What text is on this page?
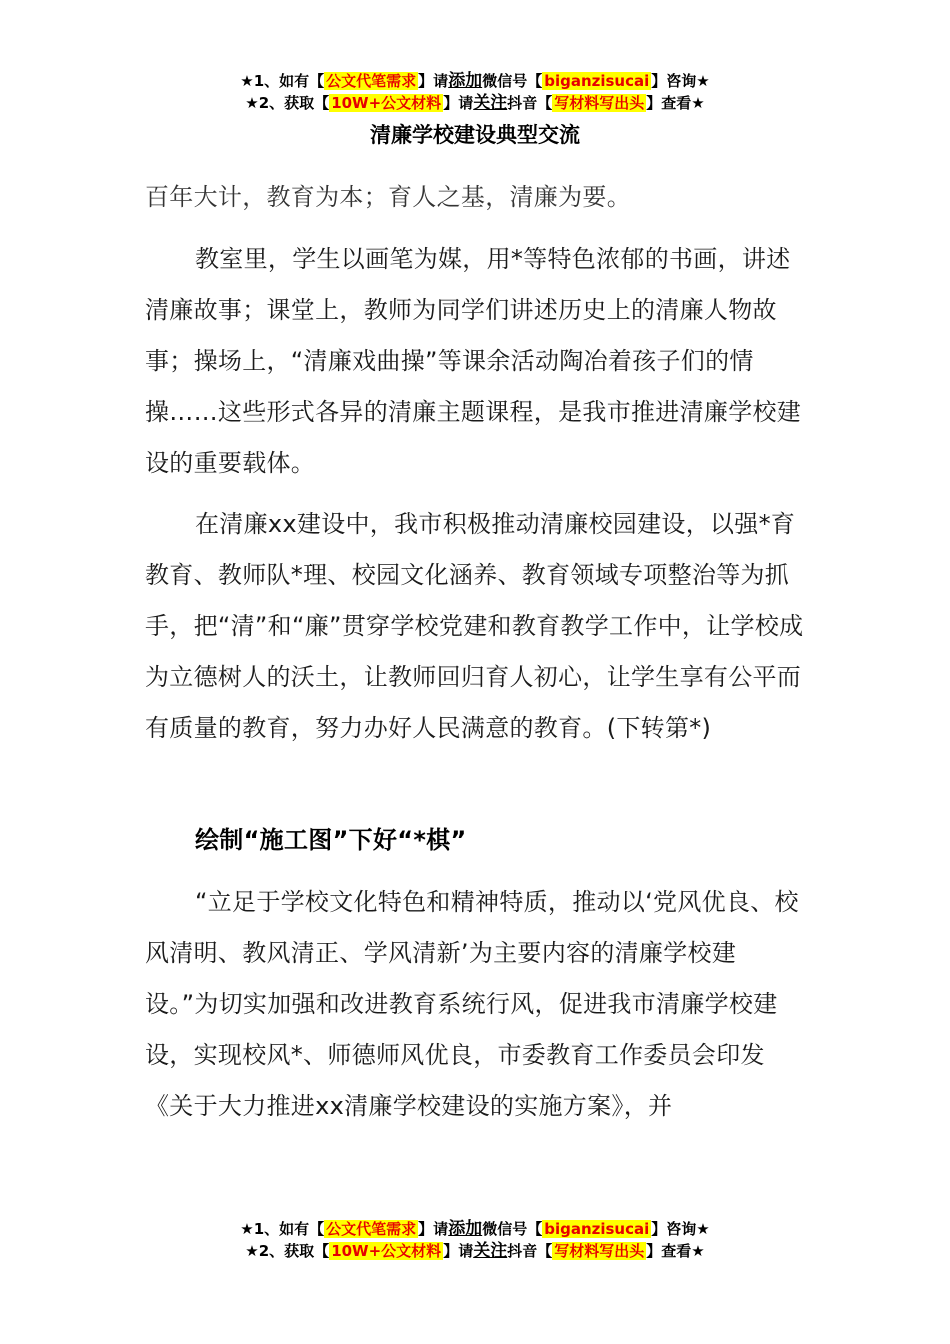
★1、如有【 公文代笔需求 】请添加微信号【 biganzisucai 】咨询★
★2、获取【 10W+公文材料 】请关注抖音【 写材料写出头 】查看★
清廉学校建设典型交流

百年大计，教育为本；育人之基，清廉为要。

教室里，学生以画笔为媒，用*等特色浓郁的书画，讲述清廉故事；课堂上，教师为同学们讲述历史上的清廉人物故事；操场上，“清廉戏曲操”等课余活动陶冶着孩子们的情操……这些形式各异的清廉主题课程，是我市推进清廉学校建设的重要载体。

在清廉xx建设中，我市积极推动清廉校园建设，以强*育教育、教师队*理、校园文化涵养、教育领域专项整治等为抓手，把“清”和“廉”贯穿学校党建和教育教学工作中，让学校成为立德树人的沃土，让教师回归育人初心，让学生享有公平而有质量的教育，努力办好人民满意的教育。(下转第*)

绘制“施工图”下好“*棋”

“立足于学校文化特色和精神特质，推动以‘党风优良、校风清明、教风清正、学风清新’为主要内容的清廉学校建设。”为切实加强和改进教育系统行风，促进我市清廉学校建设，实现校风*、师德师风优良，市委教育工作委员会印发《关于大力推进xx清廉学校建设的实施方案》，并

★1、如有【 公文代笔需求 】请添加微信号【 biganzisucai 】咨询★
★2、获取【 10W+公文材料 】请关注抖音【 写材料写出头 】查看★
